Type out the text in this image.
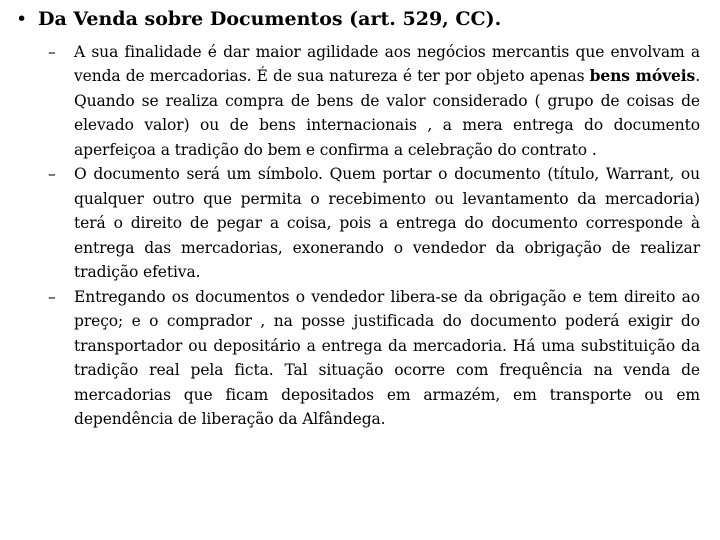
• Da Venda sobre Documentos (art. 529, CC).
–	A sua finalidade é dar maior agilidade aos negócios mercantis que envolvam a venda de mercadorias. É de sua natureza é ter por objeto apenas bens móveis. Quando se realiza compra de bens de valor considerado ( grupo de coisas de elevado valor) ou de bens internacionais , a mera entrega do documento aperfeiçoa a tradição do bem e confirma a celebração do contrato .
–	O documento será um símbolo. Quem portar o documento (título, Warrant, ou qualquer outro que permita o recebimento ou levantamento da mercadoria) terá o direito de pegar a coisa, pois a entrega do documento corresponde à entrega das mercadorias, exonerando o vendedor da obrigação de realizar tradição efetiva.
–	Entregando os documentos o vendedor libera-se da obrigação e tem direito ao preço; e o comprador , na posse justificada do documento poderá exigir do transportador ou depositário a entrega da mercadoria. Há uma substituição da tradição real pela ficta. Tal situação ocorre com frequência na venda de mercadorias que ficam depositados em armazém, em transporte ou em dependência de liberação da Alfândega.
